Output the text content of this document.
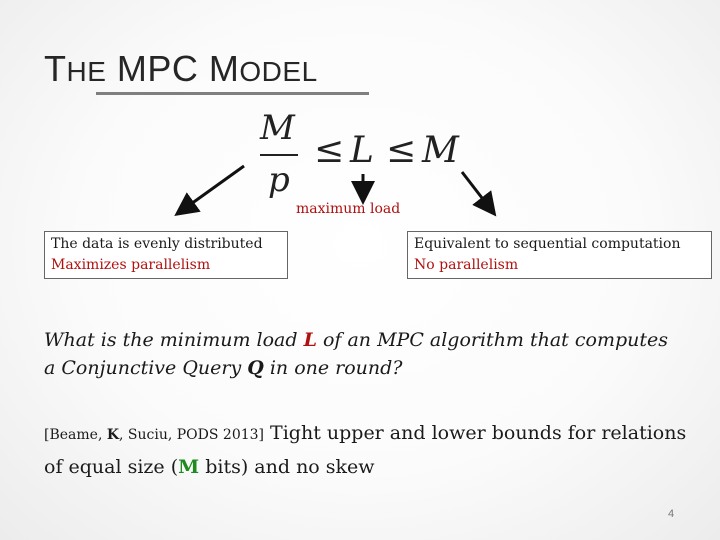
THE MPC MODEL
M
p
≤ L ≤ M
maximum load
The data is evenly distributed
Maximizes parallelism
Equivalent to sequential computation
No parallelism
What is the minimum load L of an MPC algorithm that computes a Conjunctive Query Q in one round?
[Beame, K, Suciu, PODS 2013] Tight upper and lower bounds for relations of equal size (M bits) and no skew
4
